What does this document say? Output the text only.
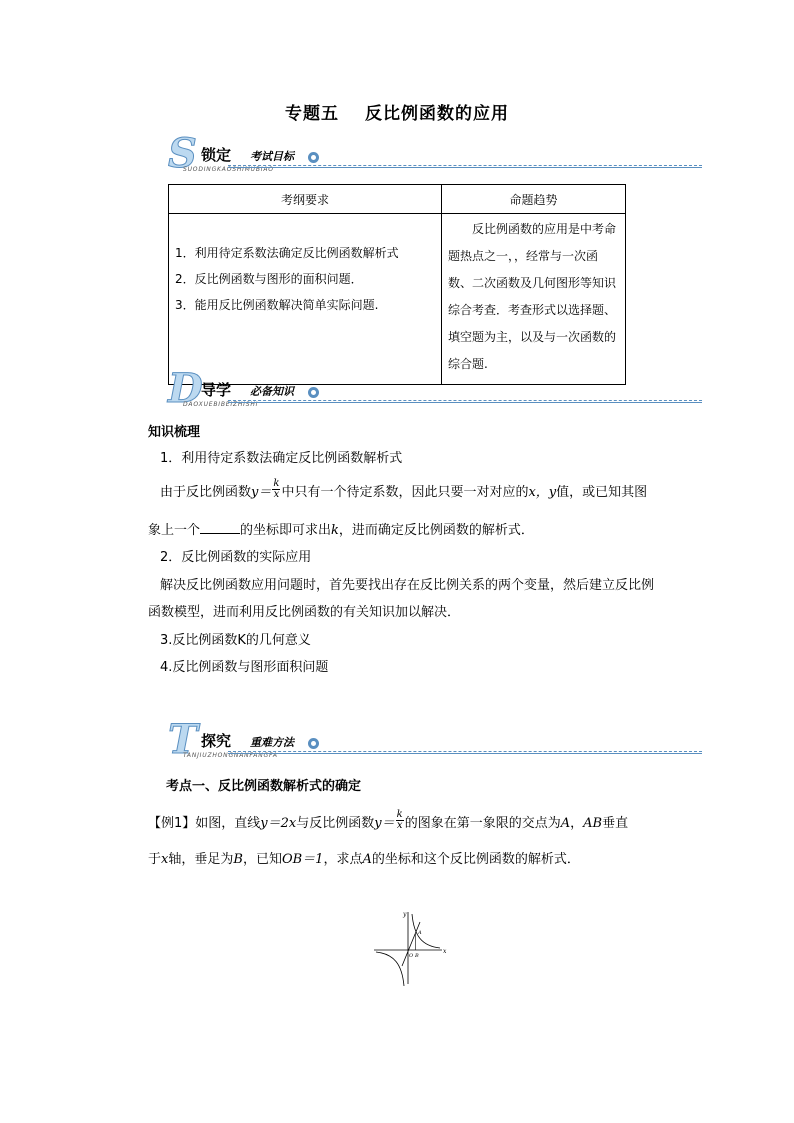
专题五 反比例函数的应用
S 锁定 考试目标
SUODINGKAOSHIMUBIAO
考纲要求	命题趋势

1．利用待定系数法确定反比例函数解析式
2．反比例函数与图形的面积问题．
3．能用反比例函数解决简单实际问题.	反比例函数的应用是中考命题热点之一，，经常与一次函数、二次函数及几何图形等知识综合考查．考查形式以选择题、填空题为主，以及与一次函数的综合题.
D
导学 必备知识
DAOXUEBIBEIZHISHI
知识梳理
1．利用待定系数法确定反比例函数解析式
由于反比例函数$y= \frac{k}{x}$ 中只有一个待定系数，因此只要一对对应的x，y值，或已知其图
象上一个	的坐标即可求出k，进而确定反比例函数的解析式．
2．反比例函数的实际应用
解决反比例函数应用问题时，首先要找出存在反比例关系的两个变量，然后建立反比例
函数模型，进而利用反比例函数的有关知识加以解决．
3.反比例函数K的几何意义
4.反比例函数与图形面积问题
T 探究 重难方法
TANJIUZHONGNANFANGFA
考点一、反比例函数解析式的确定
【例1】如图，直线y＝2x与反比例函数$y= \frac{k}{x}$ 的图象在第一象限的交点为A，AB垂直
于x轴，垂足为B，已知OB＝1，求点A的坐标和这个反比例函数的解析式．
x
y
O B
A
